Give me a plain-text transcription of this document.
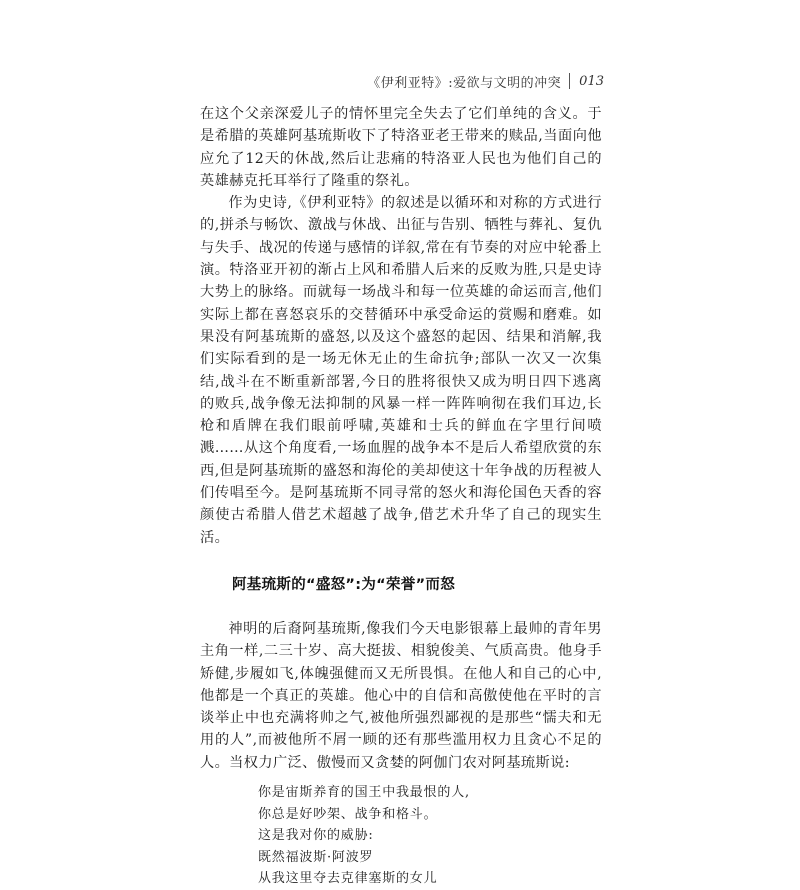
《伊利亚特》:爱欲与文明的冲突 013

在这个父亲深爱儿子的情怀里完全失去了它们单纯的含义。于是希腊的英雄阿基琉斯收下了特洛亚老王带来的赎品,当面向他应允了12天的休战,然后让悲痛的特洛亚人民也为他们自己的英雄赫克托耳举行了隆重的祭礼。

作为史诗,《伊利亚特》的叙述是以循环和对称的方式进行的,拼杀与畅饮、激战与休战、出征与告别、牺牲与葬礼、复仇与失手、战况的传递与感情的详叙,常在有节奏的对应中轮番上演。特洛亚开初的渐占上风和希腊人后来的反败为胜,只是史诗大势上的脉络。而就每一场战斗和每一位英雄的命运而言,他们实际上都在喜怒哀乐的交替循环中承受命运的赏赐和磨难。如果没有阿基琉斯的盛怒,以及这个盛怒的起因、结果和消解,我们实际看到的是一场无休无止的生命抗争;部队一次又一次集结,战斗在不断重新部署,今日的胜将很快又成为明日四下逃离的败兵,战争像无法抑制的风暴一样一阵阵响彻在我们耳边,长枪和盾牌在我们眼前呼啸,英雄和士兵的鲜血在字里行间喷溅……从这个角度看,一场血腥的战争本不是后人希望欣赏的东西,但是阿基琉斯的盛怒和海伦的美却使这十年争战的历程被人们传唱至今。是阿基琉斯不同寻常的怒火和海伦国色天香的容颜使古希腊人借艺术超越了战争,借艺术升华了自己的现实生活。

阿基琉斯的“盛怒”:为“荣誉”而怒

神明的后裔阿基琉斯,像我们今天电影银幕上最帅的青年男主角一样,二三十岁、高大挺拔、相貌俊美、气质高贵。他身手矫健,步履如飞,体魄强健而又无所畏惧。在他人和自己的心中,他都是一个真正的英雄。他心中的自信和高傲使他在平时的言谈举止中也充满将帅之气,被他所强烈鄙视的是那些“懦夫和无用的人”,而被他所不屑一顾的还有那些滥用权力且贪心不足的人。当权力广泛、傲慢而又贪婪的阿伽门农对阿基琉斯说:

你是宙斯养育的国王中我最恨的人,
你总是好吵架、战争和格斗。
这是我对你的威胁:
既然福波斯·阿波罗
从我这里夺去克律塞斯的女儿
